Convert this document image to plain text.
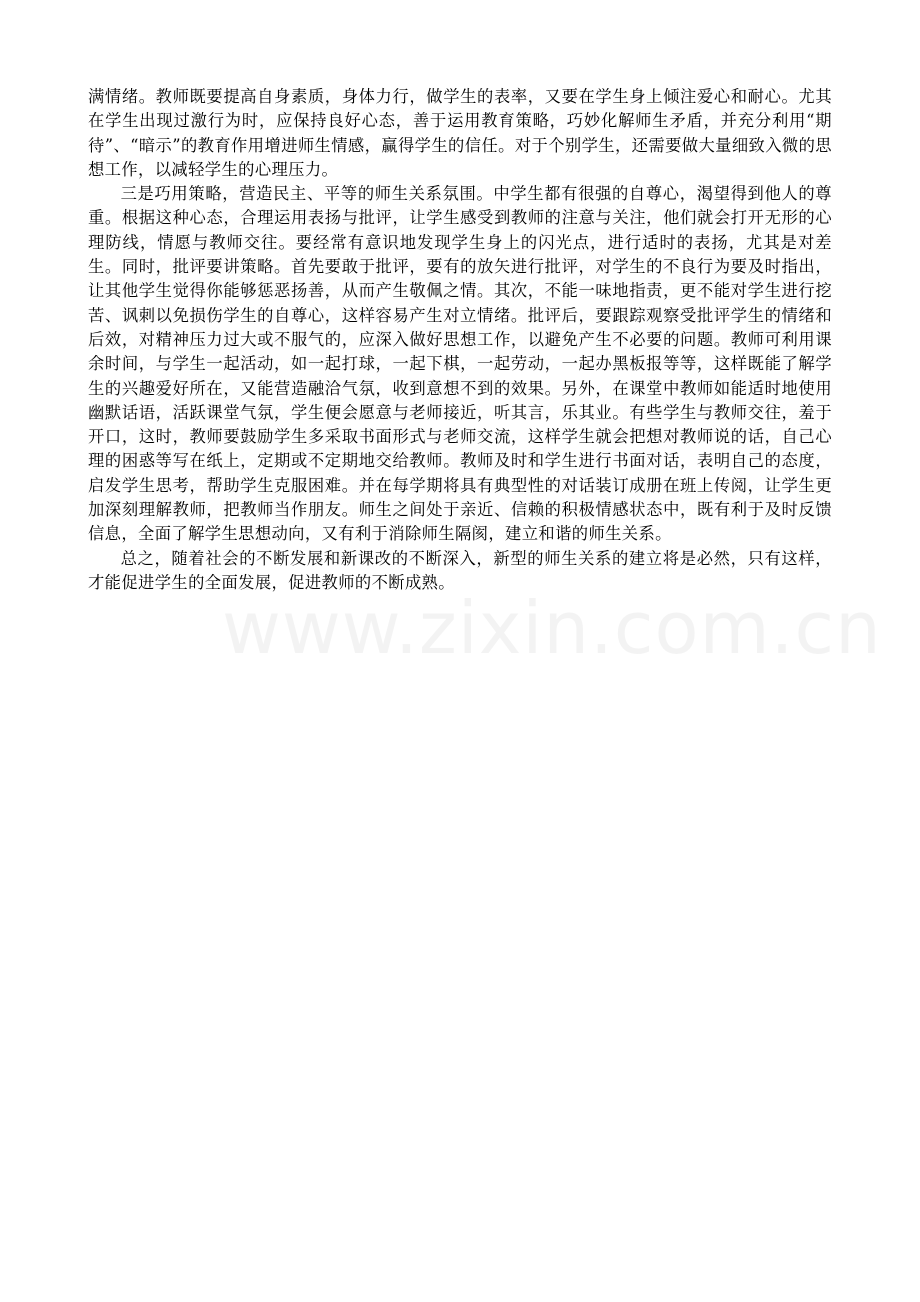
满情绪。教师既要提高自身素质，身体力行，做学生的表率，又要在学生身上倾注爱心和耐心。尤其在学生出现过激行为时，应保持良好心态，善于运用教育策略，巧妙化解师生矛盾，并充分利用“期待”、“暗示”的教育作用增进师生情感，赢得学生的信任。对于个别学生，还需要做大量细致入微的思想工作，以减轻学生的心理压力。

三是巧用策略，营造民主、平等的师生关系氛围。中学生都有很强的自尊心，渴望得到他人的尊重。根据这种心态，合理运用表扬与批评，让学生感受到教师的注意与关注，他们就会打开无形的心理防线，情愿与教师交往。要经常有意识地发现学生身上的闪光点，进行适时的表扬，尤其是对差生。同时，批评要讲策略。首先要敢于批评，要有的放矢进行批评，对学生的不良行为要及时指出，让其他学生觉得你能够惩恶扬善，从而产生敬佩之情。其次，不能一味地指责，更不能对学生进行挖苦、讽刺以免损伤学生的自尊心，这样容易产生对立情绪。批评后，要跟踪观察受批评学生的情绪和后效，对精神压力过大或不服气的，应深入做好思想工作，以避免产生不必要的问题。教师可利用课余时间，与学生一起活动，如一起打球，一起下棋，一起劳动，一起办黑板报等等，这样既能了解学生的兴趣爱好所在，又能营造融洽气氛，收到意想不到的效果。另外，在课堂中教师如能适时地使用幽默话语，活跃课堂气氛，学生便会愿意与老师接近，听其言，乐其业。有些学生与教师交往，羞于开口，这时，教师要鼓励学生多采取书面形式与老师交流，这样学生就会把想对教师说的话，自己心理的困惑等写在纸上，定期或不定期地交给教师。教师及时和学生进行书面对话，表明自己的态度，启发学生思考，帮助学生克服困难。并在每学期将具有典型性的对话装订成册在班上传阅，让学生更加深刻理解教师，把教师当作朋友。师生之间处于亲近、信赖的积极情感状态中，既有利于及时反馈信息，全面了解学生思想动向，又有利于消除师生隔阂，建立和谐的师生关系。

总之，随着社会的不断发展和新课改的不断深入，新型的师生关系的建立将是必然，只有这样，才能促进学生的全面发展，促进教师的不断成熟。

www.zixin.com.cn
